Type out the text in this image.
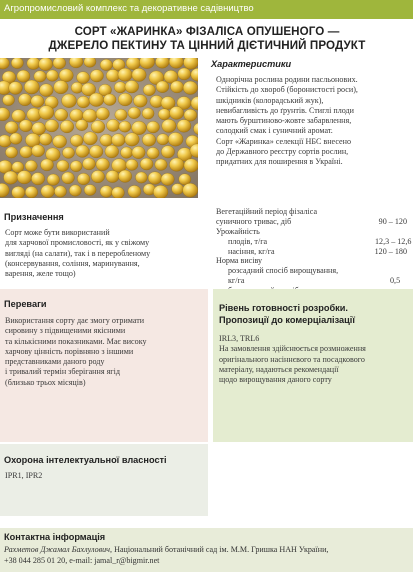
Агропромисловий комплекс та декоративне садівництво
СОРТ «ЖАРИНКА» ФІЗАЛІСА ОПУШЕНОГО —
ДЖЕРЕЛО ПЕКТИНУ ТА ЦІННИЙ ДІЄТИЧНИЙ ПРОДУКТ
Характеристики
Однорічна рослина родини пасльонових.
Стійкість до хвороб (боронистості роси),
шкідників (колорадський жук),
невибагливість до ґрунтів. Стиглі плоди
мають бурштиново-жовте забарвлення,
солодкий смак і суничний аромат.
Сорт «Жаринка» селекції НБС внесено
до Державного реєстру сортів рослин,
придатних для поширення в Україні.
Вегетаційний період фізаліса
суничного тривас, діб	90 – 120
Урожайність
плодів, т/га	12,3 – 12,6
насіння, кг/га	120 – 180
Норма висіву
розсадний спосіб вирощування,
кг/га	0,5
Призначення
Сорт може бути використаний
для харчової промисловості, як у свіжому
вигляді (на салати), так і в переробленому
(консервування, соління, маринування,
варення, желе тощо)
Переваги
Використання сорту дає змогу отримати
сировину з підвищеними якісними
та кількісними показниками. Має високу
харчову цінність порівняно з іншими
представниками даного роду
і тривалий термін зберігання ягід
(близько трьох місяців)
Рівень готовності розробки.
Пропозиції до комерціалізації
IRL3, TRL6
На замовлення здійснюється розмноження
оригінального насіннєвого та посадкового
матеріалу, надаються рекомендації
щодо вирощування даного сорту
Охорона інтелектуальної власності
IPR1, IPR2
Контактна інформація
Рахметов Джамал Бахлулович, Національний ботанічний сад ім. М.М. Гришка НАН України,
+38 044 285 01 20, e-mail: jamal_r@bigmir.net
